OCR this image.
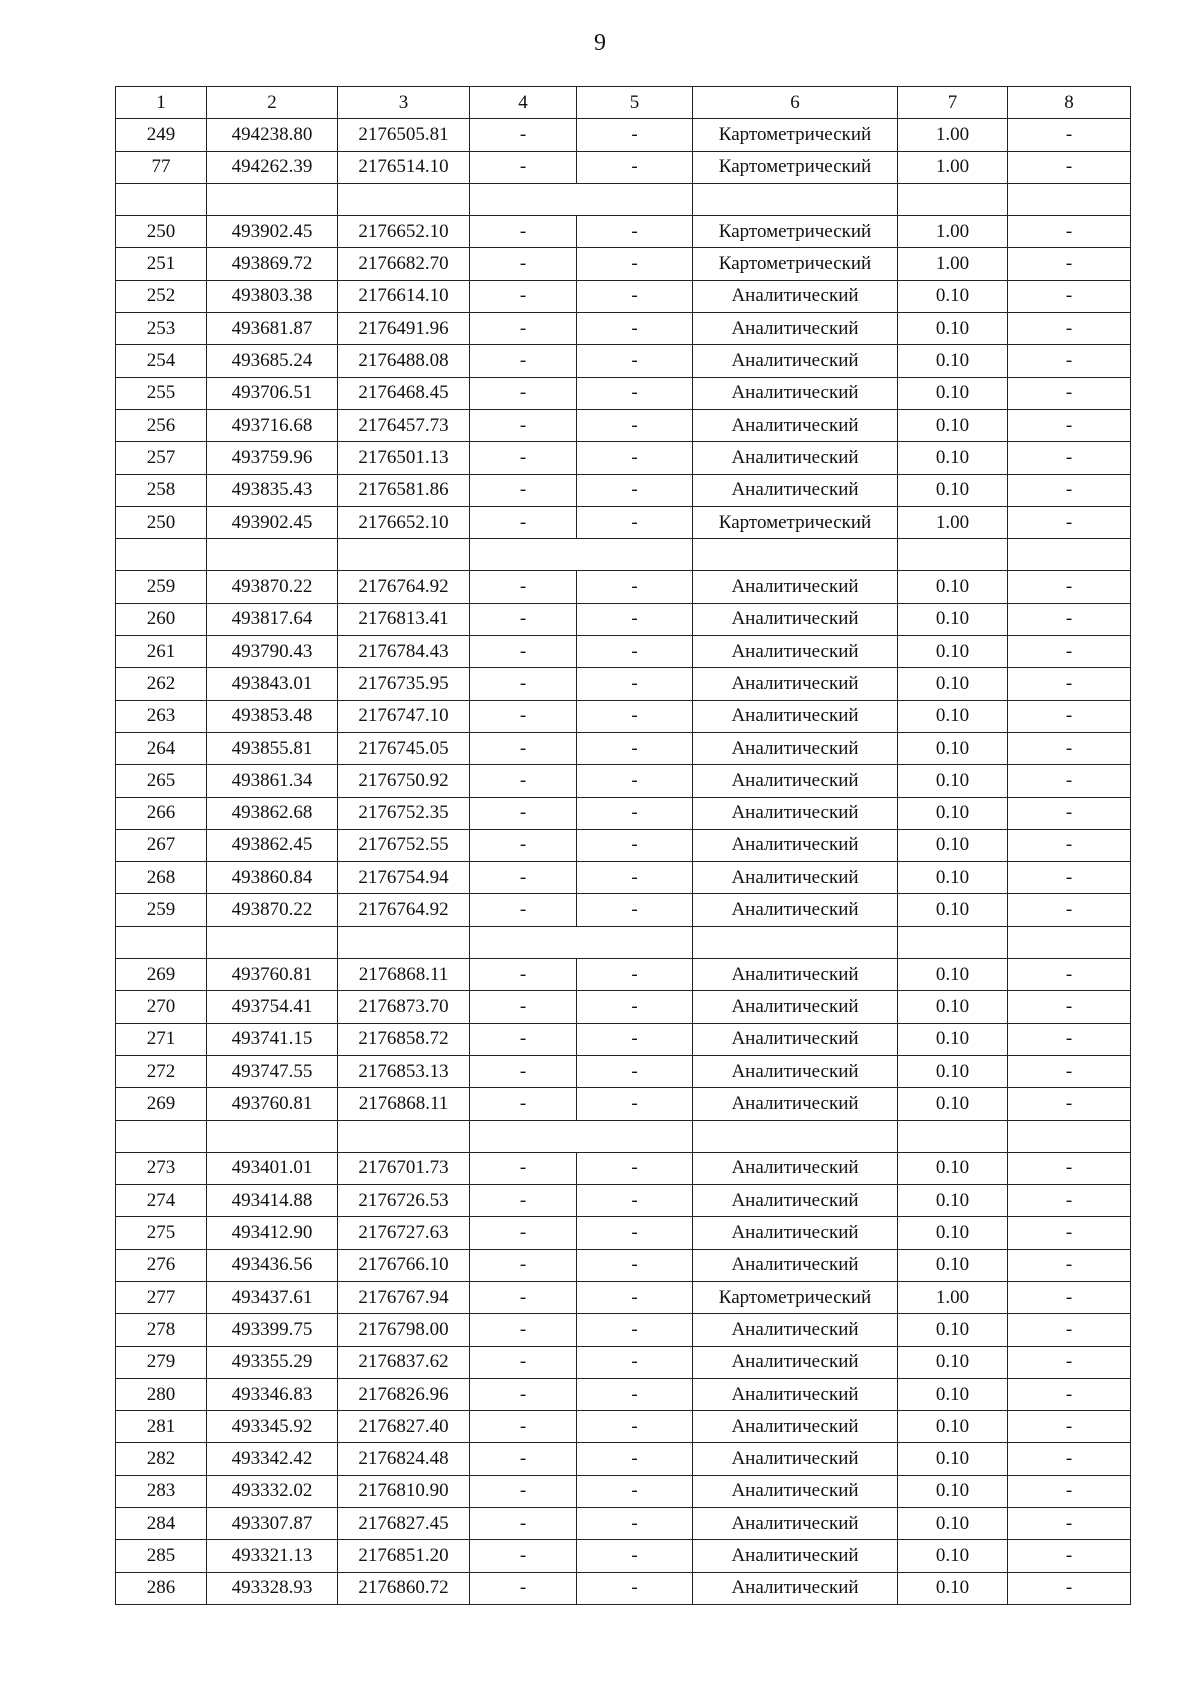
9
1	2	3	4	5	6	7	8
249	494238.80	2176505.81	-	-	Картометрический	1.00	-
77	494262.39	2176514.10	-	-	Картометрический	1.00	-

250	493902.45	2176652.10	-	-	Картометрический	1.00	-
251	493869.72	2176682.70	-	-	Картометрический	1.00	-
252	493803.38	2176614.10	-	-	Аналитический	0.10	-
253	493681.87	2176491.96	-	-	Аналитический	0.10	-
254	493685.24	2176488.08	-	-	Аналитический	0.10	-
255	493706.51	2176468.45	-	-	Аналитический	0.10	-
256	493716.68	2176457.73	-	-	Аналитический	0.10	-
257	493759.96	2176501.13	-	-	Аналитический	0.10	-
258	493835.43	2176581.86	-	-	Аналитический	0.10	-
250	493902.45	2176652.10	-	-	Картометрический	1.00	-

259	493870.22	2176764.92	-	-	Аналитический	0.10	-
260	493817.64	2176813.41	-	-	Аналитический	0.10	-
261	493790.43	2176784.43	-	-	Аналитический	0.10	-
262	493843.01	2176735.95	-	-	Аналитический	0.10	-
263	493853.48	2176747.10	-	-	Аналитический	0.10	-
264	493855.81	2176745.05	-	-	Аналитический	0.10	-
265	493861.34	2176750.92	-	-	Аналитический	0.10	-
266	493862.68	2176752.35	-	-	Аналитический	0.10	-
267	493862.45	2176752.55	-	-	Аналитический	0.10	-
268	493860.84	2176754.94	-	-	Аналитический	0.10	-
259	493870.22	2176764.92	-	-	Аналитический	0.10	-

269	493760.81	2176868.11	-	-	Аналитический	0.10	-
270	493754.41	2176873.70	-	-	Аналитический	0.10	-
271	493741.15	2176858.72	-	-	Аналитический	0.10	-
272	493747.55	2176853.13	-	-	Аналитический	0.10	-
269	493760.81	2176868.11	-	-	Аналитический	0.10	-

273	493401.01	2176701.73	-	-	Аналитический	0.10	-
274	493414.88	2176726.53	-	-	Аналитический	0.10	-
275	493412.90	2176727.63	-	-	Аналитический	0.10	-
276	493436.56	2176766.10	-	-	Аналитический	0.10	-
277	493437.61	2176767.94	-	-	Картометрический	1.00	-
278	493399.75	2176798.00	-	-	Аналитический	0.10	-
279	493355.29	2176837.62	-	-	Аналитический	0.10	-
280	493346.83	2176826.96	-	-	Аналитический	0.10	-
281	493345.92	2176827.40	-	-	Аналитический	0.10	-
282	493342.42	2176824.48	-	-	Аналитический	0.10	-
283	493332.02	2176810.90	-	-	Аналитический	0.10	-
284	493307.87	2176827.45	-	-	Аналитический	0.10	-
285	493321.13	2176851.20	-	-	Аналитический	0.10	-
286	493328.93	2176860.72	-	-	Аналитический	0.10	-
